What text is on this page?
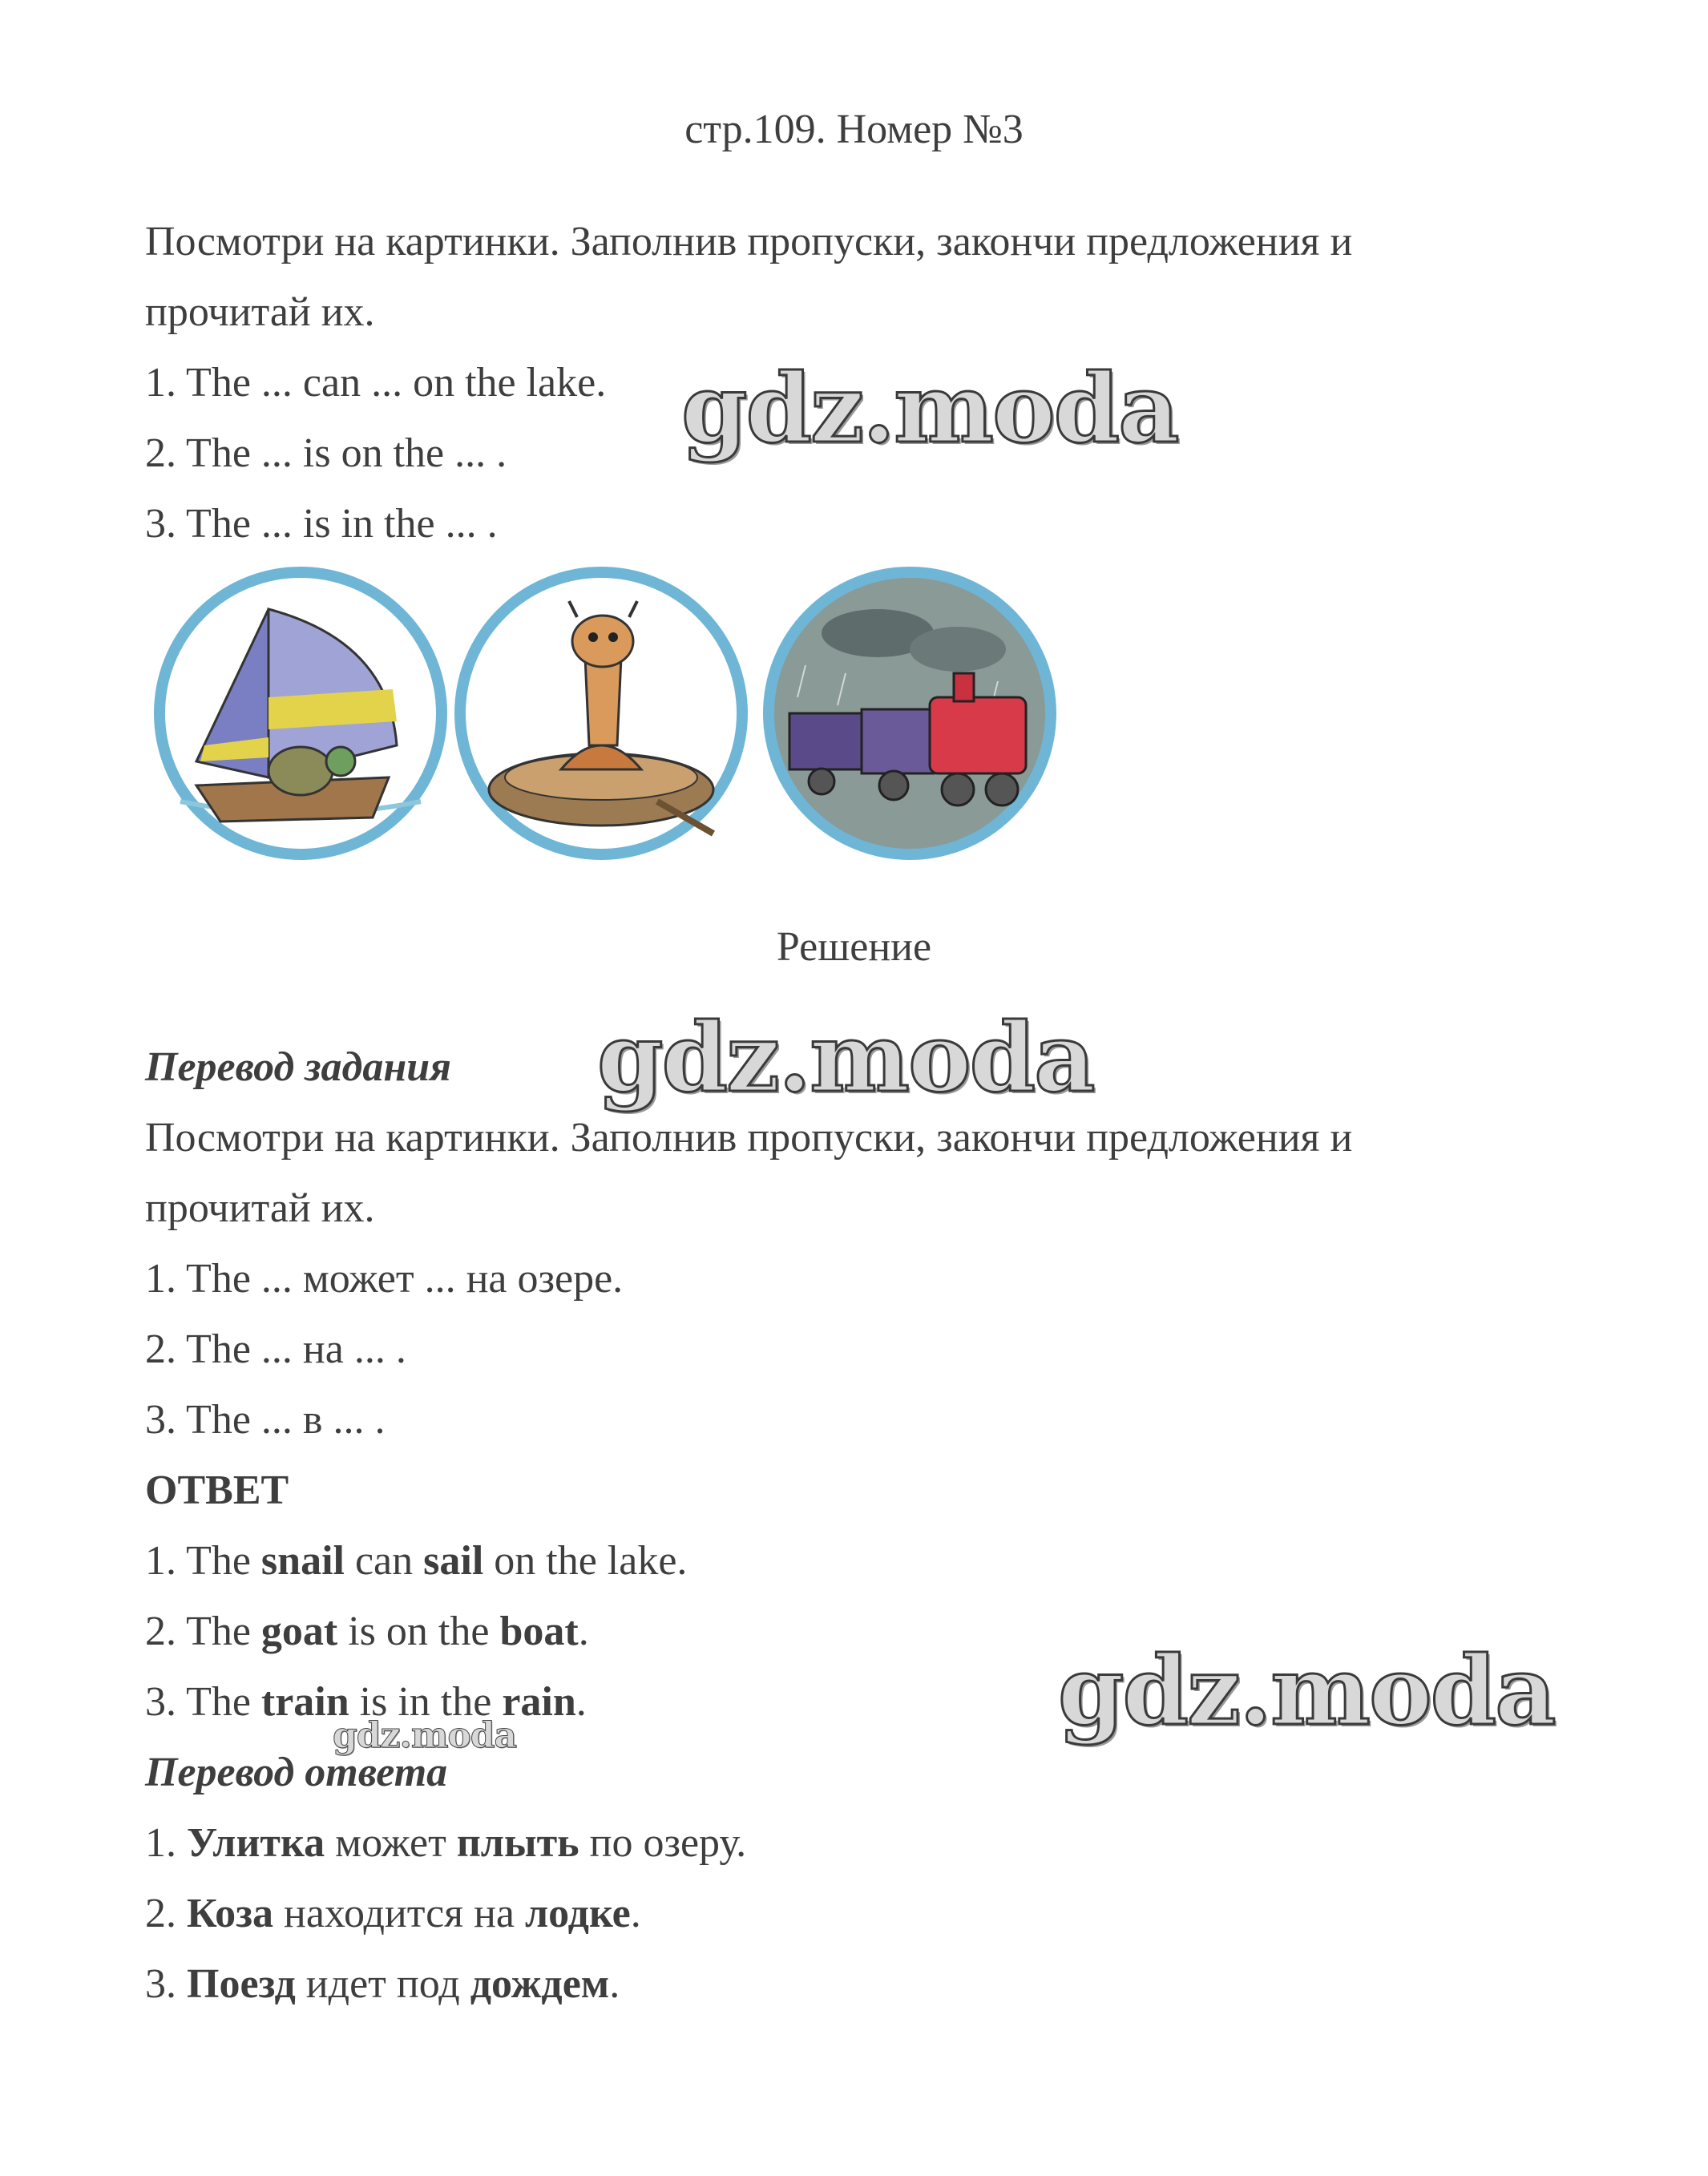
стр.109. Номер №3
Посмотри на картинки. Заполнив пропуски, закончи предложения и
прочитай их.
1. The ... can ... on the lake.
2. The ... is on the ... .
3. The ... is in the ... .
Решение
Перевод задания
Посмотри на картинки. Заполнив пропуски, закончи предложения и
прочитай их.
1. The ... может ... на озере.
2. The ... на ... .
3. The ... в ... .
ОТВЕТ
1. The snail can sail on the lake.
2. The goat is on the boat.
3. The train is in the rain.
Перевод ответа
1. Улитка может плыть по озеру.
2. Коза находится на лодке.
3. Поезд идет под дождем.
gdz.moda
gdz.moda
gdz.moda
gdz.moda
